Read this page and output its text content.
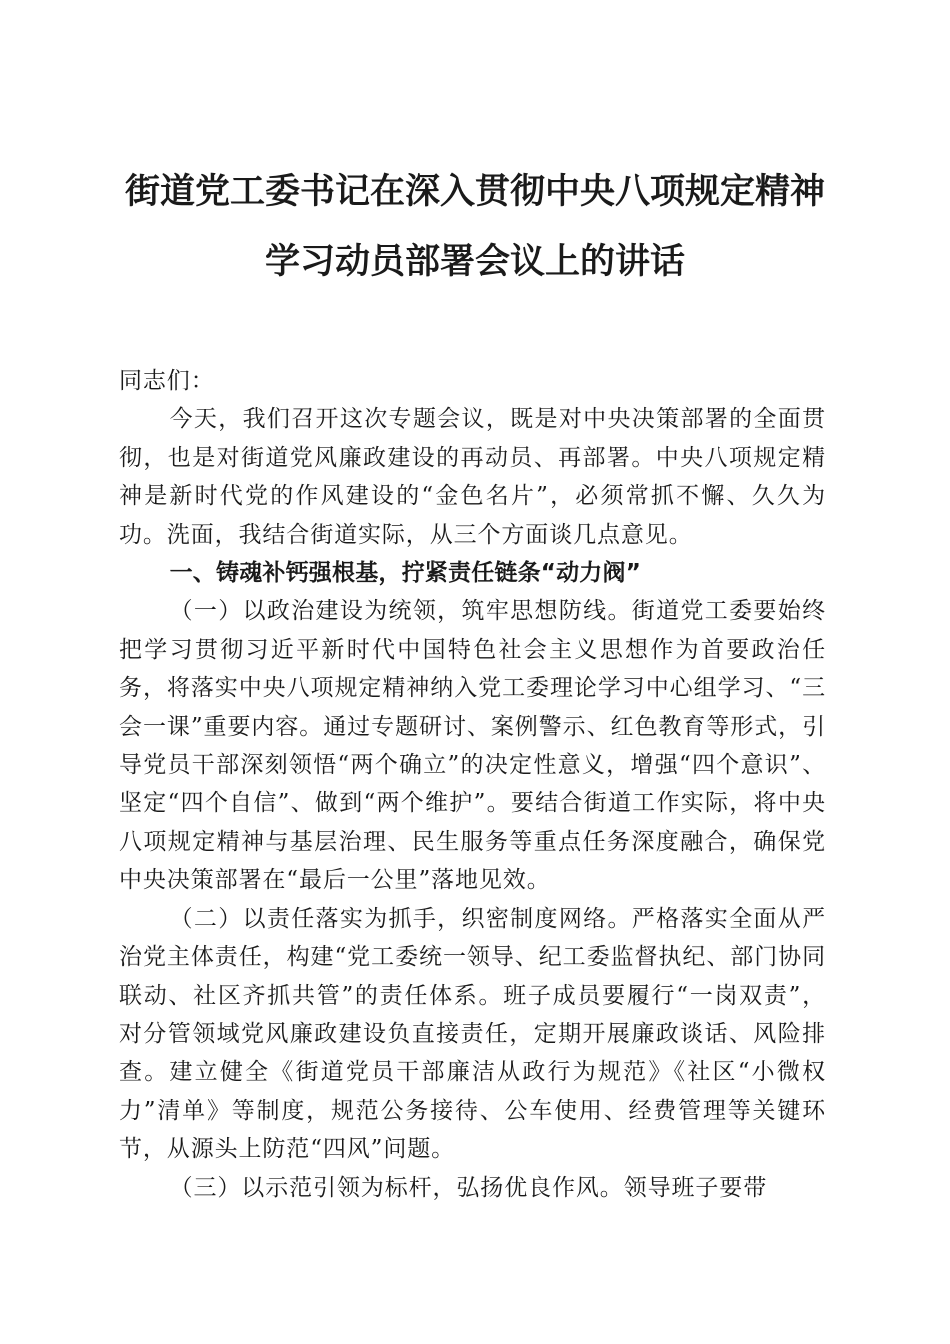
街道党工委书记在深入贯彻中央八项规定精神
学习动员部署会议上的讲话

同志们：

今天，我们召开这次专题会议，既是对中央决策部署的全面贯彻，也是对街道党风廉政建设的再动员、再部署。中央八项规定精神是新时代党的作风建设的“金色名片”，必须常抓不懈、久久为功。洗面，我结合街道实际，从三个方面谈几点意见。

一、铸魂补钙强根基，拧紧责任链条“动力阀”

（一）以政治建设为统领，筑牢思想防线。街道党工委要始终把学习贯彻习近平新时代中国特色社会主义思想作为首要政治任务，将落实中央八项规定精神纳入党工委理论学习中心组学习、“三会一课”重要内容。通过专题研讨、案例警示、红色教育等形式，引导党员干部深刻领悟“两个确立”的决定性意义，增强“四个意识”、坚定“四个自信”、做到“两个维护”。要结合街道工作实际，将中央八项规定精神与基层治理、民生服务等重点任务深度融合，确保党中央决策部署在“最后一公里”落地见效。

（二）以责任落实为抓手，织密制度网络。严格落实全面从严治党主体责任，构建“党工委统一领导、纪工委监督执纪、部门协同联动、社区齐抓共管”的责任体系。班子成员要履行“一岗双责”，对分管领域党风廉政建设负直接责任，定期开展廉政谈话、风险排查。建立健全《街道党员干部廉洁从政行为规范》《社区“小微权力”清单》等制度，规范公务接待、公车使用、经费管理等关键环节，从源头上防范“四风”问题。

（三）以示范引领为标杆，弘扬优良作风。领导班子要带
